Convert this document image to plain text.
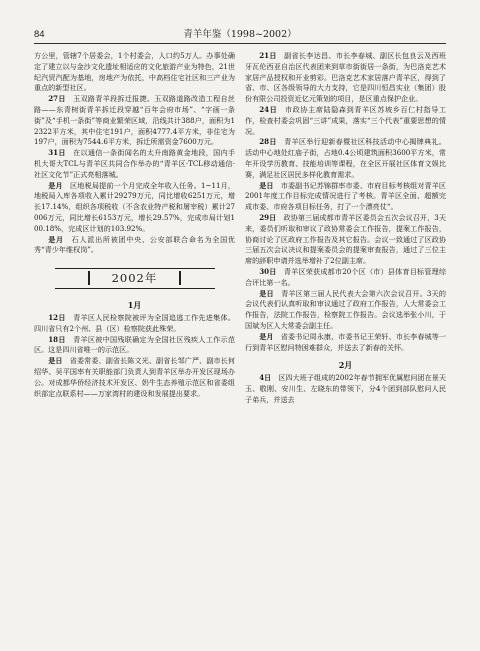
84	青羊年鉴（1998~2002）

方公里，管辖7个居委会，1个村委会，人口约5万人。办事处确定了建立以与金沙文化遗址相适应的文化旅游产业为特色，21世纪汽贸汽配为基地，房地产为依托，中高档住宅社区和三产业为重点的新型社区。

27日　 玉双路青羊段拆迁报捷。玉双路道路改造工程自丝路——东青树街青羊拆迁段穿越“百年会府市场”、“字画一条街”及“手机一条街”等商业繁荣区域，沿线共计388户，面积为12322平方米，其中住宅191户，面积4777.4平方米，非住宅为197户，面积为7544.6平方米，拆迁所需资金7600万元。

31日　 在以通信一条街闻名的太升南路黄金地段，国内手机大哥大TCL与青羊区共同合作举办的“青羊区·TCL移动通信·社区文化节”正式亮相落城。

是月　 区地税局提前一个月完成全年收入任务。1~11月，地税局入库各项收入累计29279万元，同比增收6251万元，增长17.14%，组织各项税收（不含农业特产税和屠宰税）累计27006万元，同比增长6153万元，增长29.57%，完成市局计划100.18%，完成区计划的103.92%。

是月　 石人派出所被团中央、公安部联合命名为全国优秀“青少年维权岗”。

2002年
1月

12日　 青羊区人民检察院被评为全国追逃工作先进集体。四川省只有2个州、县（区）检察院获此殊荣。

18日　 青羊区被中国残联确定为全国社区残疾人工作示范区。这是四川省唯一的示范区。

是日　 省委常委、副省长陈文光、副省长邹广严、副市长何绍华、吴平国率有关职能部门负责人到青羊区举办开发区现场办公。对成都华侨经济技术开发区、奶牛生态养殖示范区和省委组织部定点联系村——万家湾村的建设和发展提出要求。

21日　 副省长李达昌、市长李春城、副区长包良云及西班牙瓦伦西亚自治区代表团来到草市街街居一条街，为巴洛克艺术家居产品授权和开业剪彩。巴洛克艺术家居落户青羊区，得到了省、市、区各级领导的大力支持，它是四川恒昌实业（集团）股份有限公司投资近亿元策划的项目，是区重点保护企业。

24日　 市政协主席陆隐森到青羊区苏坡乡百仁村指导工作，检查村委会巩固“三讲”成果，落实“三个代表”重要思想的情况。

28日　 青羊区举行迎新春暨社区科技活动中心揭牌典礼。活动中心地处红庙子街，占地0.4公顷建筑面积3600平方米，常年开设学历教育、技能培训等课程，在全区开展社区体育文娱比赛，满足社区居民多样化教育需求。

是日　 市委副书记苏锦群率市委、市府目标考核组对青羊区2001年度工作目标完成情况进行了考核。青羊区全面、超额完成市委、市府各项目标任务，打了一个漂亮仗“。

29日　 政协第三届成都市青羊区委员会五次会议召开，3天来，委员们听取和审议了政协常委会工作报告，提案工作报告，协商讨论了区政府工作报告及其它报告。会议一致通过了区政协三届五次会议决议和提案委员会的提案审查报告，通过了三位主席的辞职申请并选举增补了2位副主席。

30日　 青羊区荣获成都市20个区（市）县体育目标管理综合评比第一名。

是日　 青羊区第三届人民代表大会第六次会议召开。3天的会议代表们认真听取和审议通过了政府工作报告，人大常委会工作报告，法院工作报告，检察院工作报告。会议选举张小川，于国斌为区人大常委会副主任。

是月　 省委书记周永康、市委书记王荣轩、市长李春城等一行到青羊区慰问特困难群众，并送去了新春的关怀。

2月

4日　 区四大班子组成的2002年春节拥军优属慰问团在景天玉、敬刚、安川生、左晓东的带领下，分4个团到部队慰问人民子弟兵，并送去
